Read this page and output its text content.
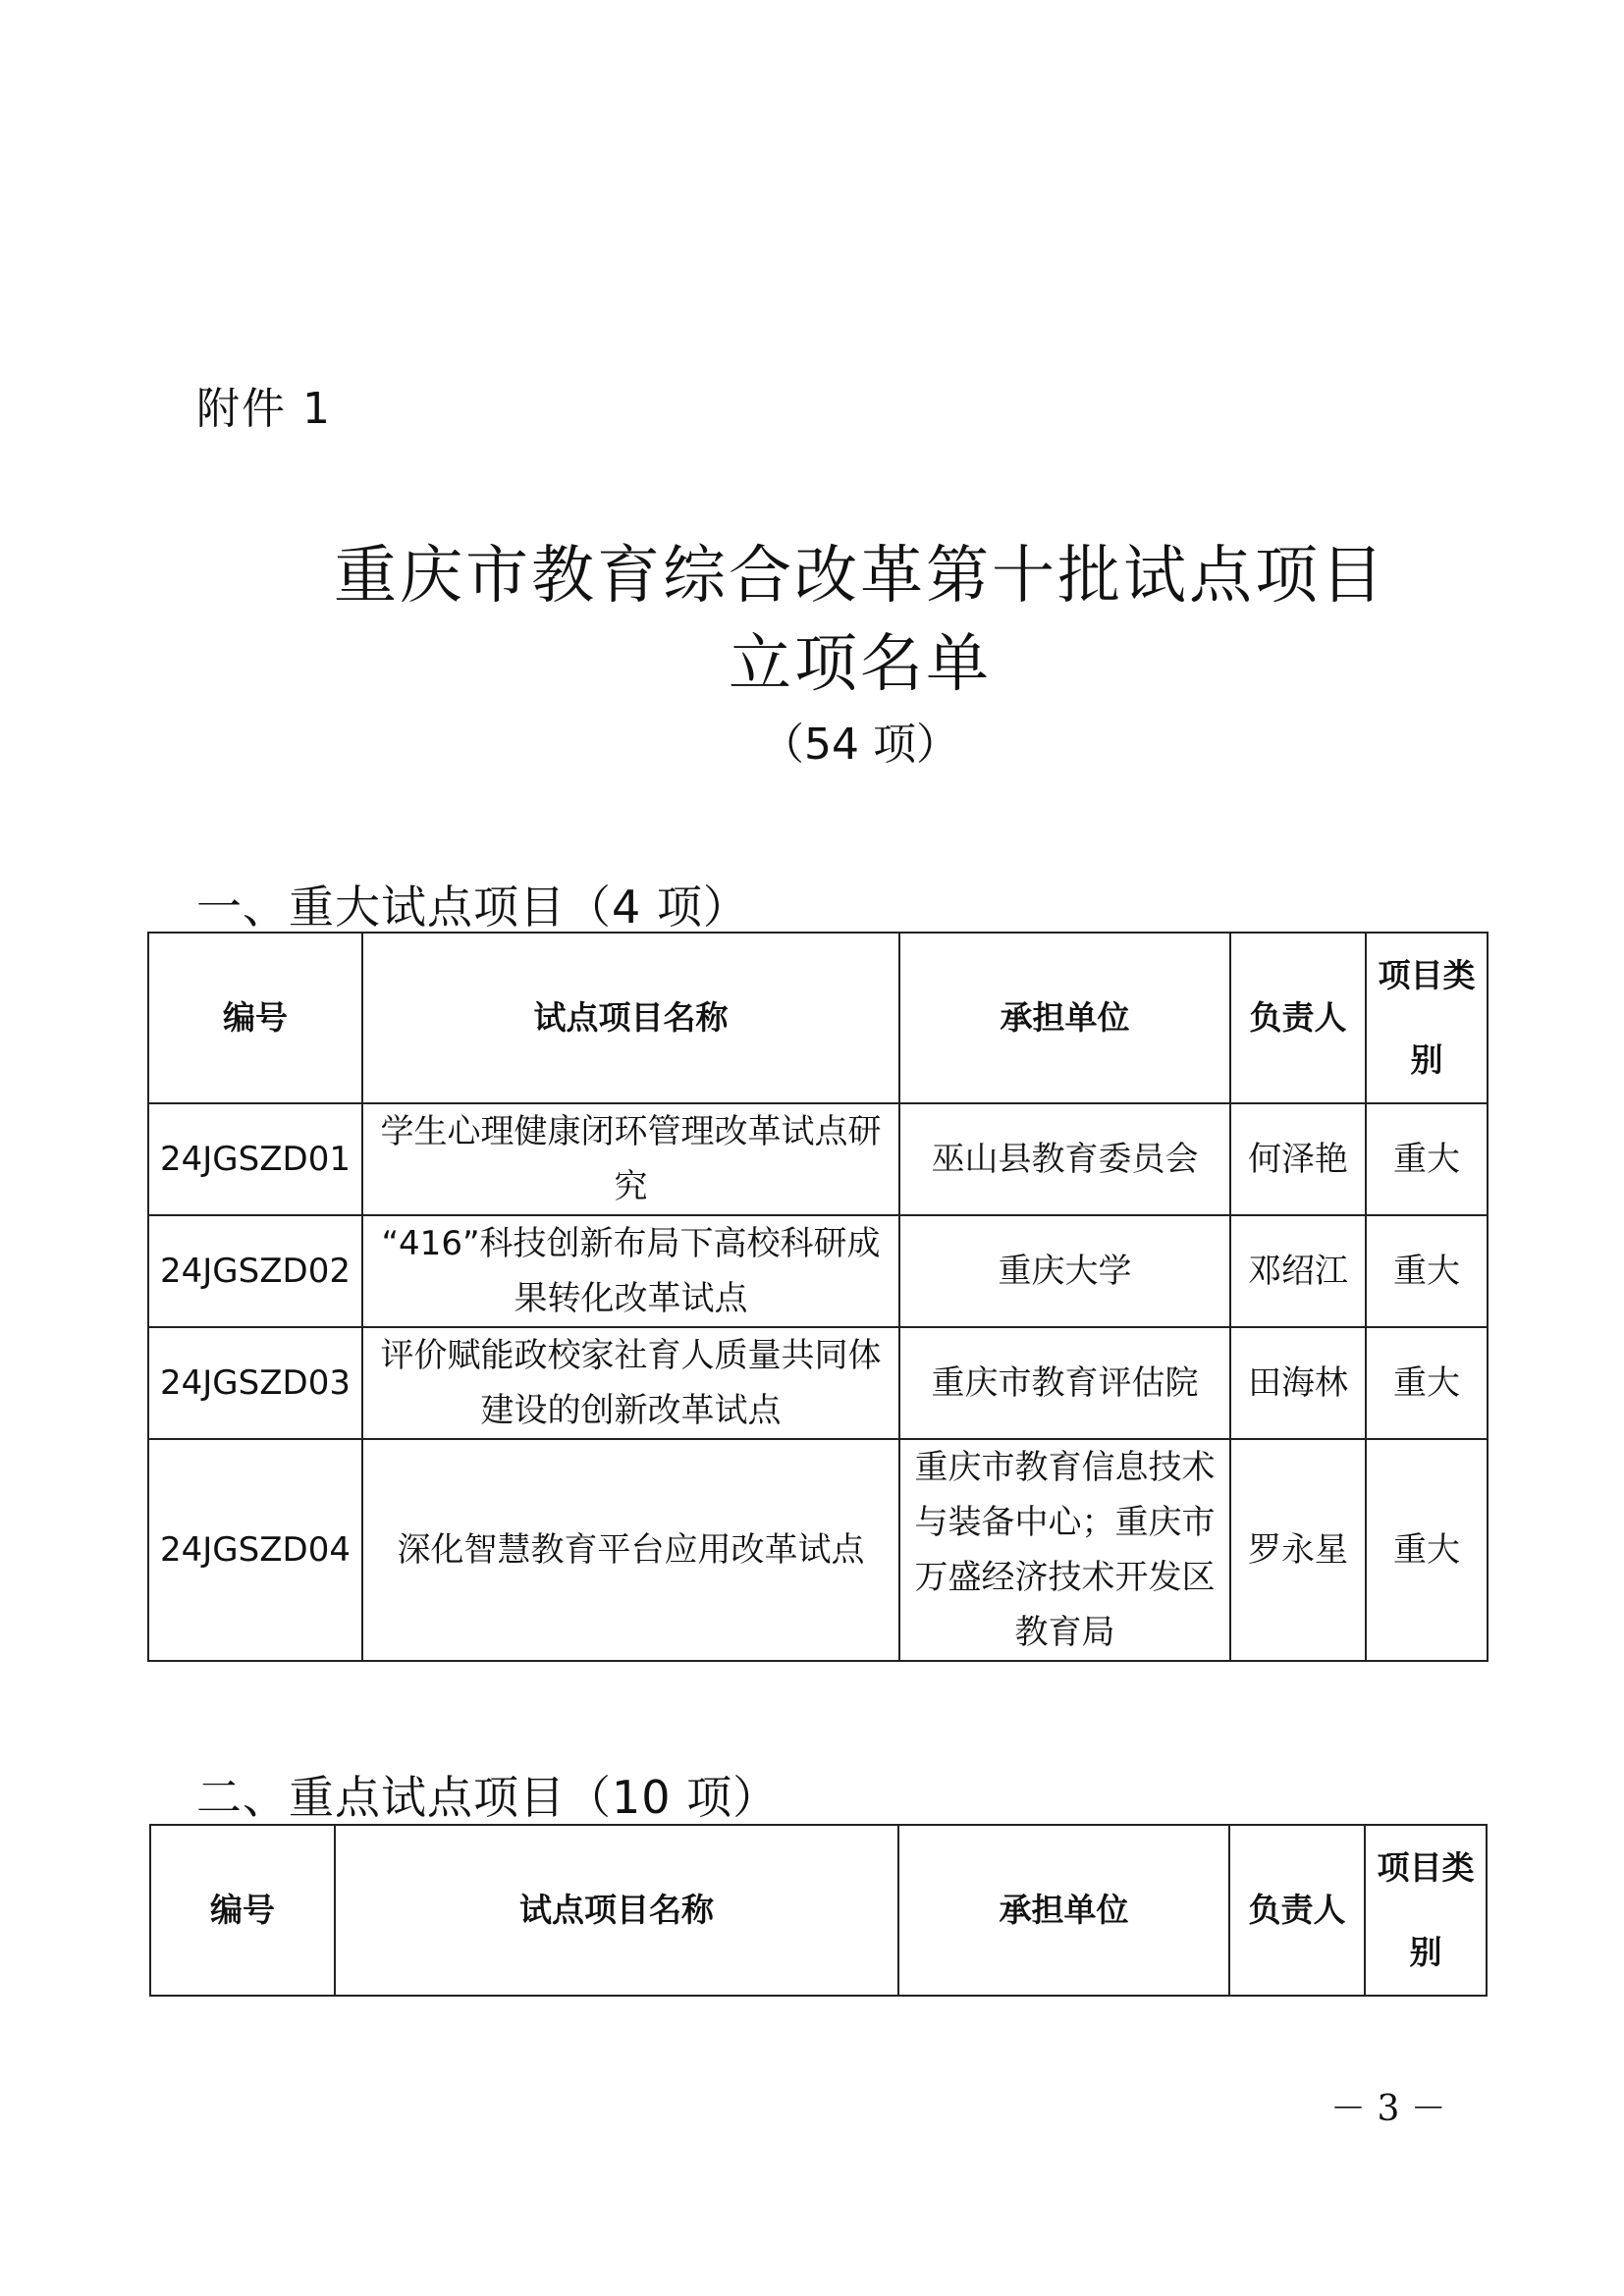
附件 1
重庆市教育综合改革第十批试点项目
立项名单
（54 项）
一、重大试点项目（4 项）
编号	试点项目名称	承担单位	负责人	项目类别
24JGSZD01	学生心理健康闭环管理改革试点研究	巫山县教育委员会	何泽艳	重大
24JGSZD02	“416”科技创新布局下高校科研成果转化改革试点	重庆大学	邓绍江	重大
24JGSZD03	评价赋能政校家社育人质量共同体建设的创新改革试点	重庆市教育评估院	田海林	重大
24JGSZD04	深化智慧教育平台应用改革试点	重庆市教育信息技术与装备中心；重庆市万盛经济技术开发区教育局	罗永星	重大
二、重点试点项目（10 项）
编号	试点项目名称	承担单位	负责人	项目类别
－ 3 －
